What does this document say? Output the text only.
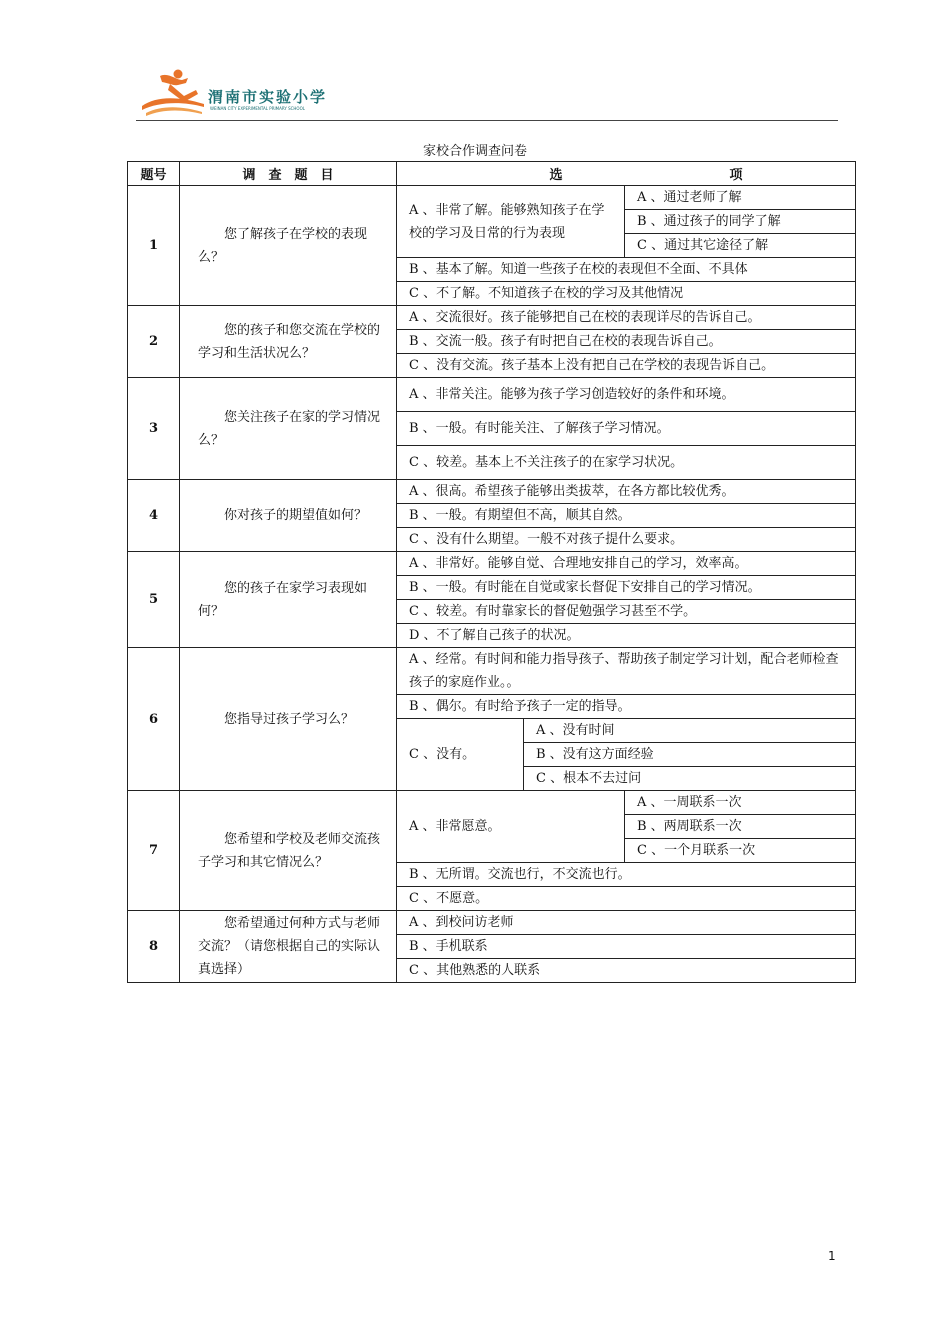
渭南市实验小学
WEINAN CITY EXPERIMENTAL PRIMARY SCHOOL
家校合作调查问卷
题号	调　查　题　目	选 项		
1	您了解孩子在学校的表现么？	A 、非常了解。能够熟知孩子在学校的学习及日常的行为表现		A 、通过老师了解
				B 、通过孩子的同学了解
				C 、通过其它途径了解
		B 、基本了解。知道一些孩子在校的表现但不全面、不具体		
		C 、不了解。不知道孩子在校的学习及其他情况		
2	您的孩子和您交流在学校的学习和生活状况么？	A 、交流很好。孩子能够把自己在校的表现详尽的告诉自己。		
		B 、交流一般。孩子有时把自己在校的表现告诉自己。		
		C 、没有交流。孩子基本上没有把自己在学校的表现告诉自己。		
3	您关注孩子在家的学习情况么？	A 、非常关注。能够为孩子学习创造较好的条件和环境。		
		B 、一般。有时能关注、了解孩子学习情况。		
		C 、较差。基本上不关注孩子的在家学习状况。		
4	你对孩子的期望值如何？	A 、很高。希望孩子能够出类拔萃，在各方都比较优秀。		
		B 、一般。有期望但不高，顺其自然。		
		C 、没有什么期望。一般不对孩子提什么要求。		
5	您的孩子在家学习表现如何？	A 、非常好。能够自觉、合理地安排自己的学习，效率高。		
		B 、一般。有时能在自觉或家长督促下安排自己的学习情况。		
		C 、较差。有时靠家长的督促勉强学习甚至不学。		
		D 、不了解自己孩子的状况。		
6	您指导过孩子学习么？	A 、经常。有时间和能力指导孩子、帮助孩子制定学习计划，配合老师检查孩子的家庭作业。。		
		B 、偶尔。有时给予孩子一定的指导。		
		C 、没有。	A 、没有时间	
			B 、没有这方面经验	
			C 、根本不去过问	
7	您希望和学校及老师交流孩子学习和其它情况么？	A 、非常愿意。		A 、一周联系一次
				B 、两周联系一次
				C 、一个月联系一次
		B 、无所谓。交流也行，不交流也行。		
		C 、不愿意。		
8	您希望通过何种方式与老师交流？（请您根据自己的实际认真选择）	A 、到校问访老师		
		B 、手机联系		
		C 、其他熟悉的人联系		
1
